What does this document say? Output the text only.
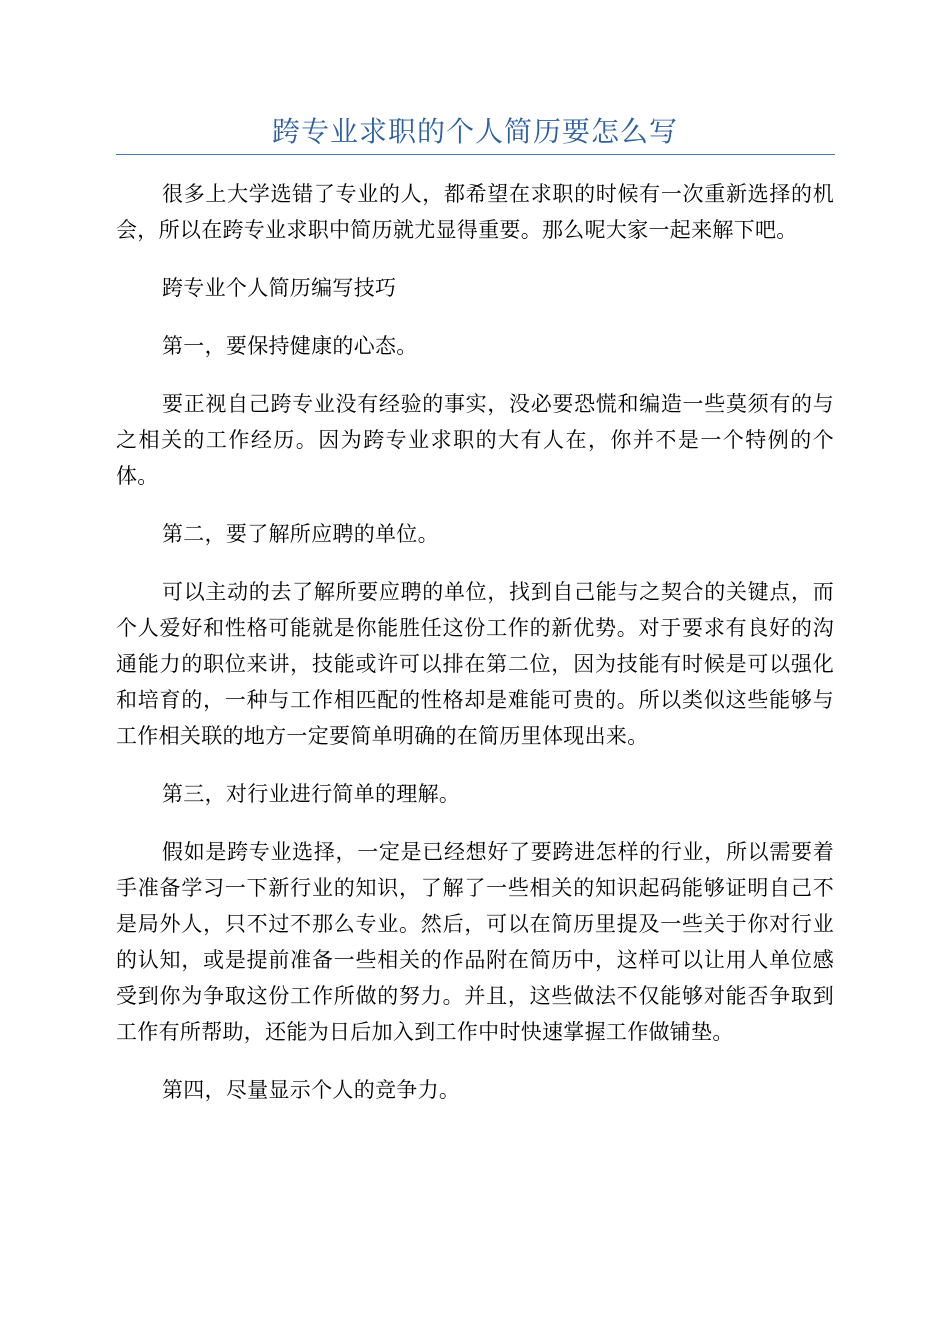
跨专业求职的个人简历要怎么写

很多上大学选错了专业的人，都希望在求职的时候有一次重新选择的机会，所以在跨专业求职中简历就尤显得重要。那么呢大家一起来解下吧。

跨专业个人简历编写技巧

第一，要保持健康的心态。

要正视自己跨专业没有经验的事实，没必要恐慌和编造一些莫须有的与之相关的工作经历。因为跨专业求职的大有人在，你并不是一个特例的个体。

第二，要了解所应聘的单位。

可以主动的去了解所要应聘的单位，找到自己能与之契合的关键点，而个人爱好和性格可能就是你能胜任这份工作的新优势。对于要求有良好的沟通能力的职位来讲，技能或许可以排在第二位，因为技能有时候是可以强化和培育的，一种与工作相匹配的性格却是难能可贵的。所以类似这些能够与工作相关联的地方一定要简单明确的在简历里体现出来。

第三，对行业进行简单的理解。

假如是跨专业选择，一定是已经想好了要跨进怎样的行业，所以需要着手准备学习一下新行业的知识，了解了一些相关的知识起码能够证明自己不是局外人，只不过不那么专业。然后，可以在简历里提及一些关于你对行业的认知，或是提前准备一些相关的作品附在简历中，这样可以让用人单位感受到你为争取这份工作所做的努力。并且，这些做法不仅能够对能否争取到工作有所帮助，还能为日后加入到工作中时快速掌握工作做铺垫。

第四，尽量显示个人的竞争力。
